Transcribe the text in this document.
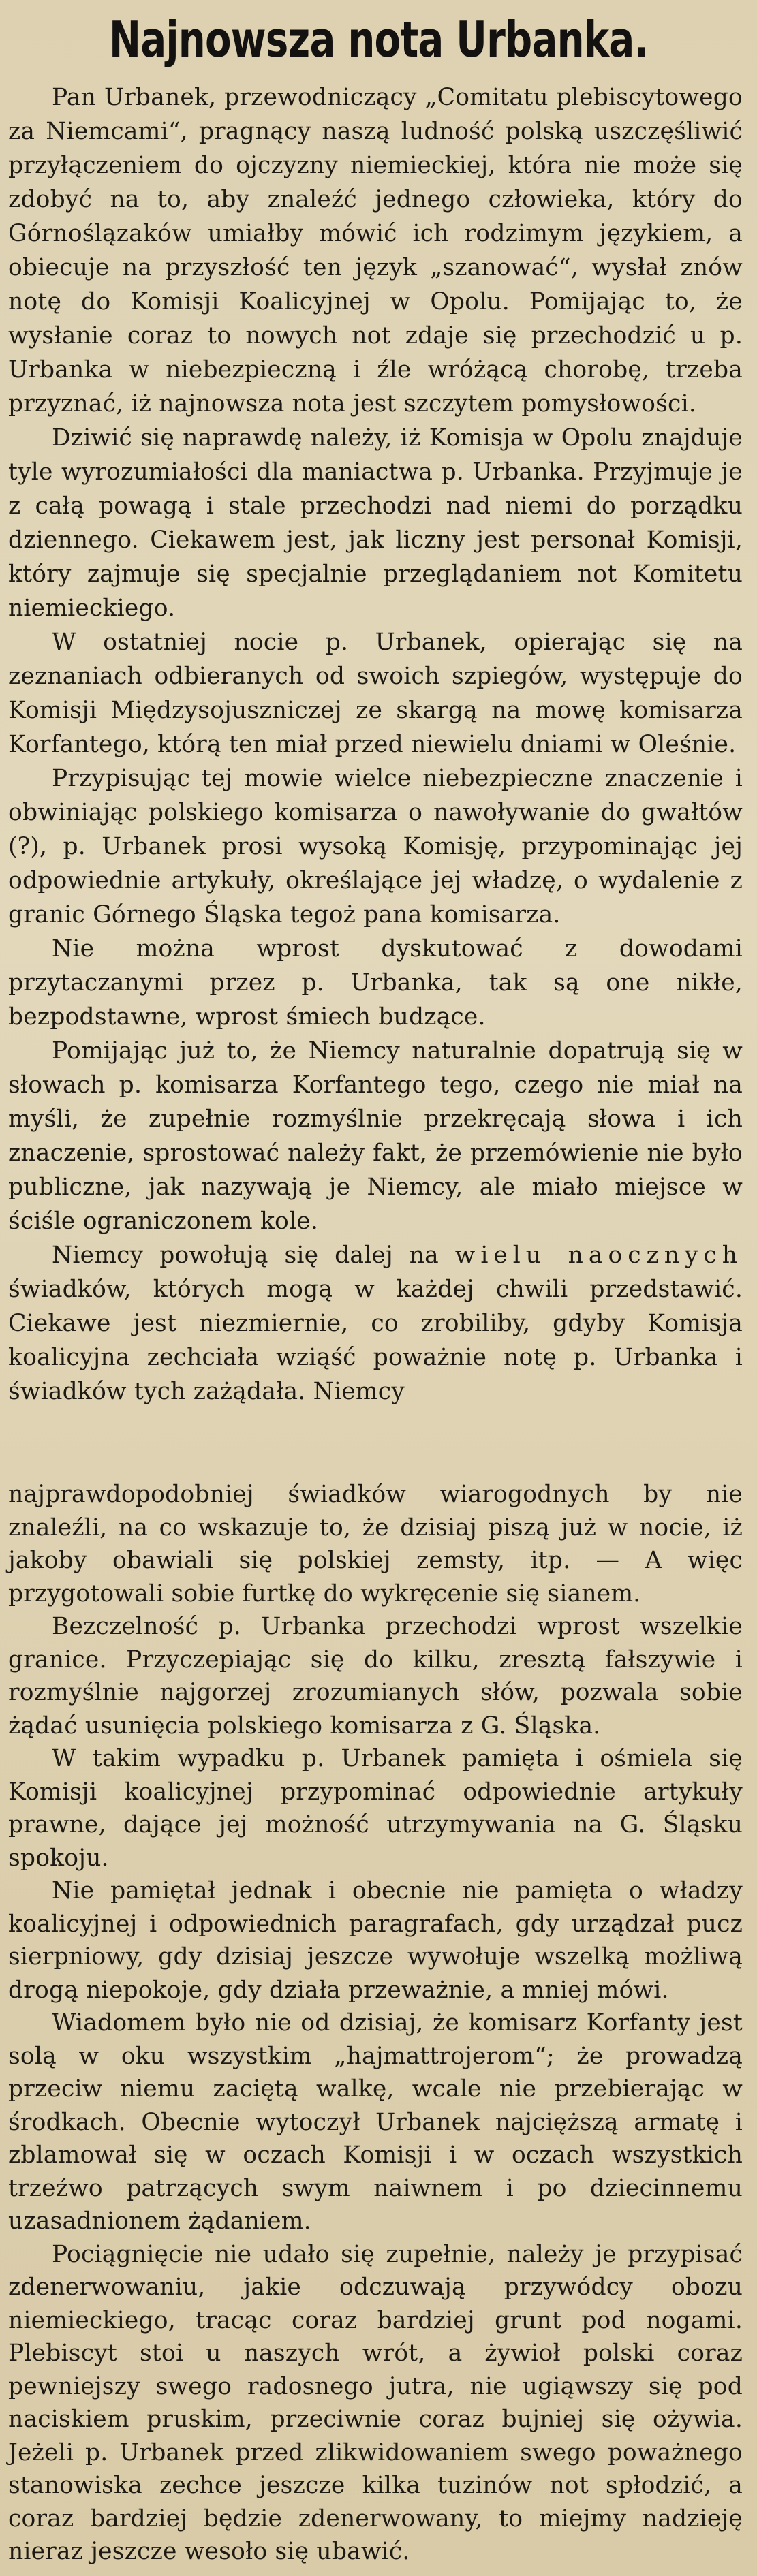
Najnowsza nota Urbanka.

Pan Urbanek, przewodniczący „Comitatu plebiscytowego za Niemcami“, pragnący naszą ludność polską uszczęśliwić przyłączeniem do ojczyzny niemieckiej, która nie może się zdobyć na to, aby znaleźć jednego człowieka, który do Górnoślązaków umiałby mówić ich rodzimym językiem, a obiecuje na przyszłość ten język „szanować“, wysłał znów notę do Komisji Koalicyjnej w Opolu. Pomijając to, że wysłanie coraz to nowych not zdaje się przechodzić u p. Urbanka w niebezpieczną i źle wróżącą chorobę, trzeba przyznać, iż najnowsza nota jest szczytem pomysłowości.

Dziwić się naprawdę należy, iż Komisja w Opolu znajduje tyle wyrozumiałości dla maniactwa p. Urbanka. Przyjmuje je z całą powagą i stale przechodzi nad niemi do porządku dziennego. Ciekawem jest, jak liczny jest personał Komisji, który zajmuje się specjalnie przeglądaniem not Komitetu niemieckiego.

W ostatniej nocie p. Urbanek, opierając się na zeznaniach odbieranych od swoich szpiegów, występuje do Komisji Międzysojuszniczej ze skargą na mowę komisarza Korfantego, którą ten miał przed niewielu dniami w Oleśnie.

Przypisując tej mowie wielce niebezpieczne znaczenie i obwiniając polskiego komisarza o nawoływanie do gwałtów (?), p. Urbanek prosi wysoką Komisję, przypominając jej odpowiednie artykuły, określające jej władzę, o wydalenie z granic Górnego Śląska tegoż pana komisarza.

Nie można wprost dyskutować z dowodami przytaczanymi przez p. Urbanka, tak są one nikłe, bezpodstawne, wprost śmiech budzące.

Pomijając już to, że Niemcy naturalnie dopatrują się w słowach p. komisarza Korfantego tego, czego nie miał na myśli, że zupełnie rozmyślnie przekręcają słowa i ich znaczenie, sprostować należy fakt, że przemówienie nie było publiczne, jak nazywają je Niemcy, ale miało miejsce w ściśle ograniczonem kole.

Niemcy powołują się dalej na wielu naocznych świadków, których mogą w każdej chwili przedstawić. Ciekawe jest niezmiernie, co zrobiliby, gdyby Komisja koalicyjna zechciała wziąść poważnie notę p. Urbanka i świadków tych zażądała. Niemcy

najprawdopodobniej świadków wiarogodnych by nie znaleźli, na co wskazuje to, że dzisiaj piszą już w nocie, iż jakoby obawiali się polskiej zemsty, itp. — A więc przygotowali sobie furtkę do wykręcenie się sianem.

Bezczelność p. Urbanka przechodzi wprost wszelkie granice. Przyczepiając się do kilku, zresztą fałszywie i rozmyślnie najgorzej zrozumianych słów, pozwala sobie żądać usunięcia polskiego komisarza z G. Śląska.

W takim wypadku p. Urbanek pamięta i ośmiela się Komisji koalicyjnej przypominać odpowiednie artykuły prawne, dające jej możność utrzymywania na G. Śląsku spokoju.

Nie pamiętał jednak i obecnie nie pamięta o władzy koalicyjnej i odpowiednich paragrafach, gdy urządzał pucz sierpniowy, gdy dzisiaj jeszcze wywołuje wszelką możliwą drogą niepokoje, gdy działa przeważnie, a mniej mówi.

Wiadomem było nie od dzisiaj, że komisarz Korfanty jest solą w oku wszystkim „hajmattrojerom“; że prowadzą przeciw niemu zaciętą walkę, wcale nie przebierając w środkach. Obecnie wytoczył Urbanek najcięższą armatę i zblamował się w oczach Komisji i w oczach wszystkich trzeźwo patrzących swym naiwnem i po dziecinnemu uzasadnionem żądaniem.

Pociągnięcie nie udało się zupełnie, należy je przypisać zdenerwowaniu, jakie odczuwają przywódcy obozu niemieckiego, tracąc coraz bardziej grunt pod nogami. Plebiscyt stoi u naszych wrót, a żywioł polski coraz pewniejszy swego radosnego jutra, nie ugiąwszy się pod naciskiem pruskim, przeciwnie coraz bujniej się ożywia. Jeżeli p. Urbanek przed zlikwidowaniem swego poważnego stanowiska zechce jeszcze kilka tuzinów not spłodzić, a coraz bardziej będzie zdenerwowany, to miejmy nadzieję nieraz jeszcze wesoło się ubawić.
